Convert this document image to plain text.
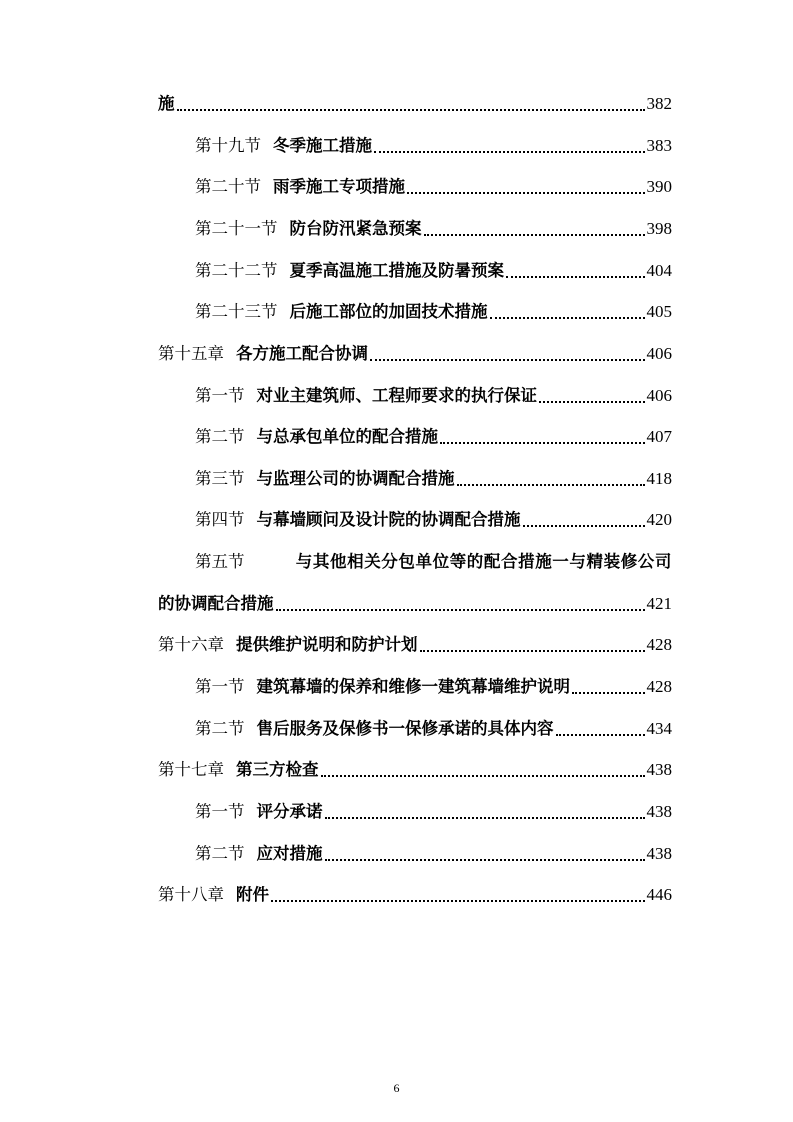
施	382
第十九节 冬季施工措施	383
第二十节 雨季施工专项措施	390
第二十一节 防台防汛紧急预案	398
第二十二节 夏季高温施工措施及防暑预案	404
第二十三节 后施工部位的加固技术措施	405
第十五章 各方施工配合协调	406
第一节 对业主建筑师、工程师要求的执行保证	406
第二节 与总承包单位的配合措施	407
第三节 与监理公司的协调配合措施	418
第四节 与幕墙顾问及设计院的协调配合措施	420
第五节	与其他相关分包单位等的配合措施一与精装修公司
的协调配合措施	421
第十六章 提供维护说明和防护计划	428
第一节 建筑幕墙的保养和维修一建筑幕墙维护说明	428
第二节 售后服务及保修书一保修承诺的具体内容	434
第十七章 第三方检查	438
第一节 评分承诺	438
第二节 应对措施	438
第十八章 附件	446
6
